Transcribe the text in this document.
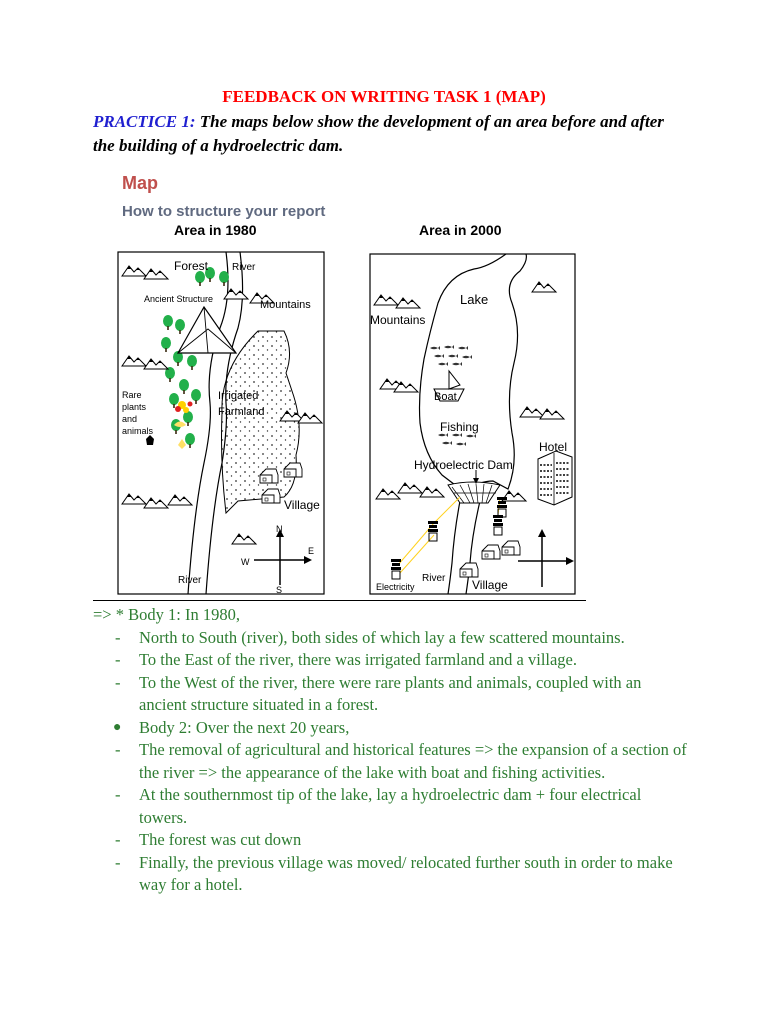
FEEDBACK ON WRITING TASK 1 (MAP)
PRACTICE 1: The maps below show the development of an area before and after the building of a hydroelectric dam.
Map
How to structure your report
Area in 1980	Area in 2000
N
S
E
W
Forest River
Ancient Structure	Mountains
Irrigated
Farmland
Rare
plants
and
animals
Village
River
Lake
Mountains
Boat
Fishing
Hotel
Hydroelectric Dam
Electricity
River Village

=> * Body 1: In 1980,

- North to South (river), both sides of which lay a few scattered mountains.

- To the East of the river, there was irrigated farmland and a village.

- To the West of the river, there were rare plants and animals, coupled with an ancient structure situated in a forest.

● Body 2: Over the next 20 years,

- The removal of agricultural and historical features => the expansion of a section of the river => the appearance of the lake with boat and fishing activities.

- At the southernmost tip of the lake, lay a hydroelectric dam + four electrical towers.

- The forest was cut down

- Finally, the previous village was moved/ relocated further south in order to make way for a hotel.
